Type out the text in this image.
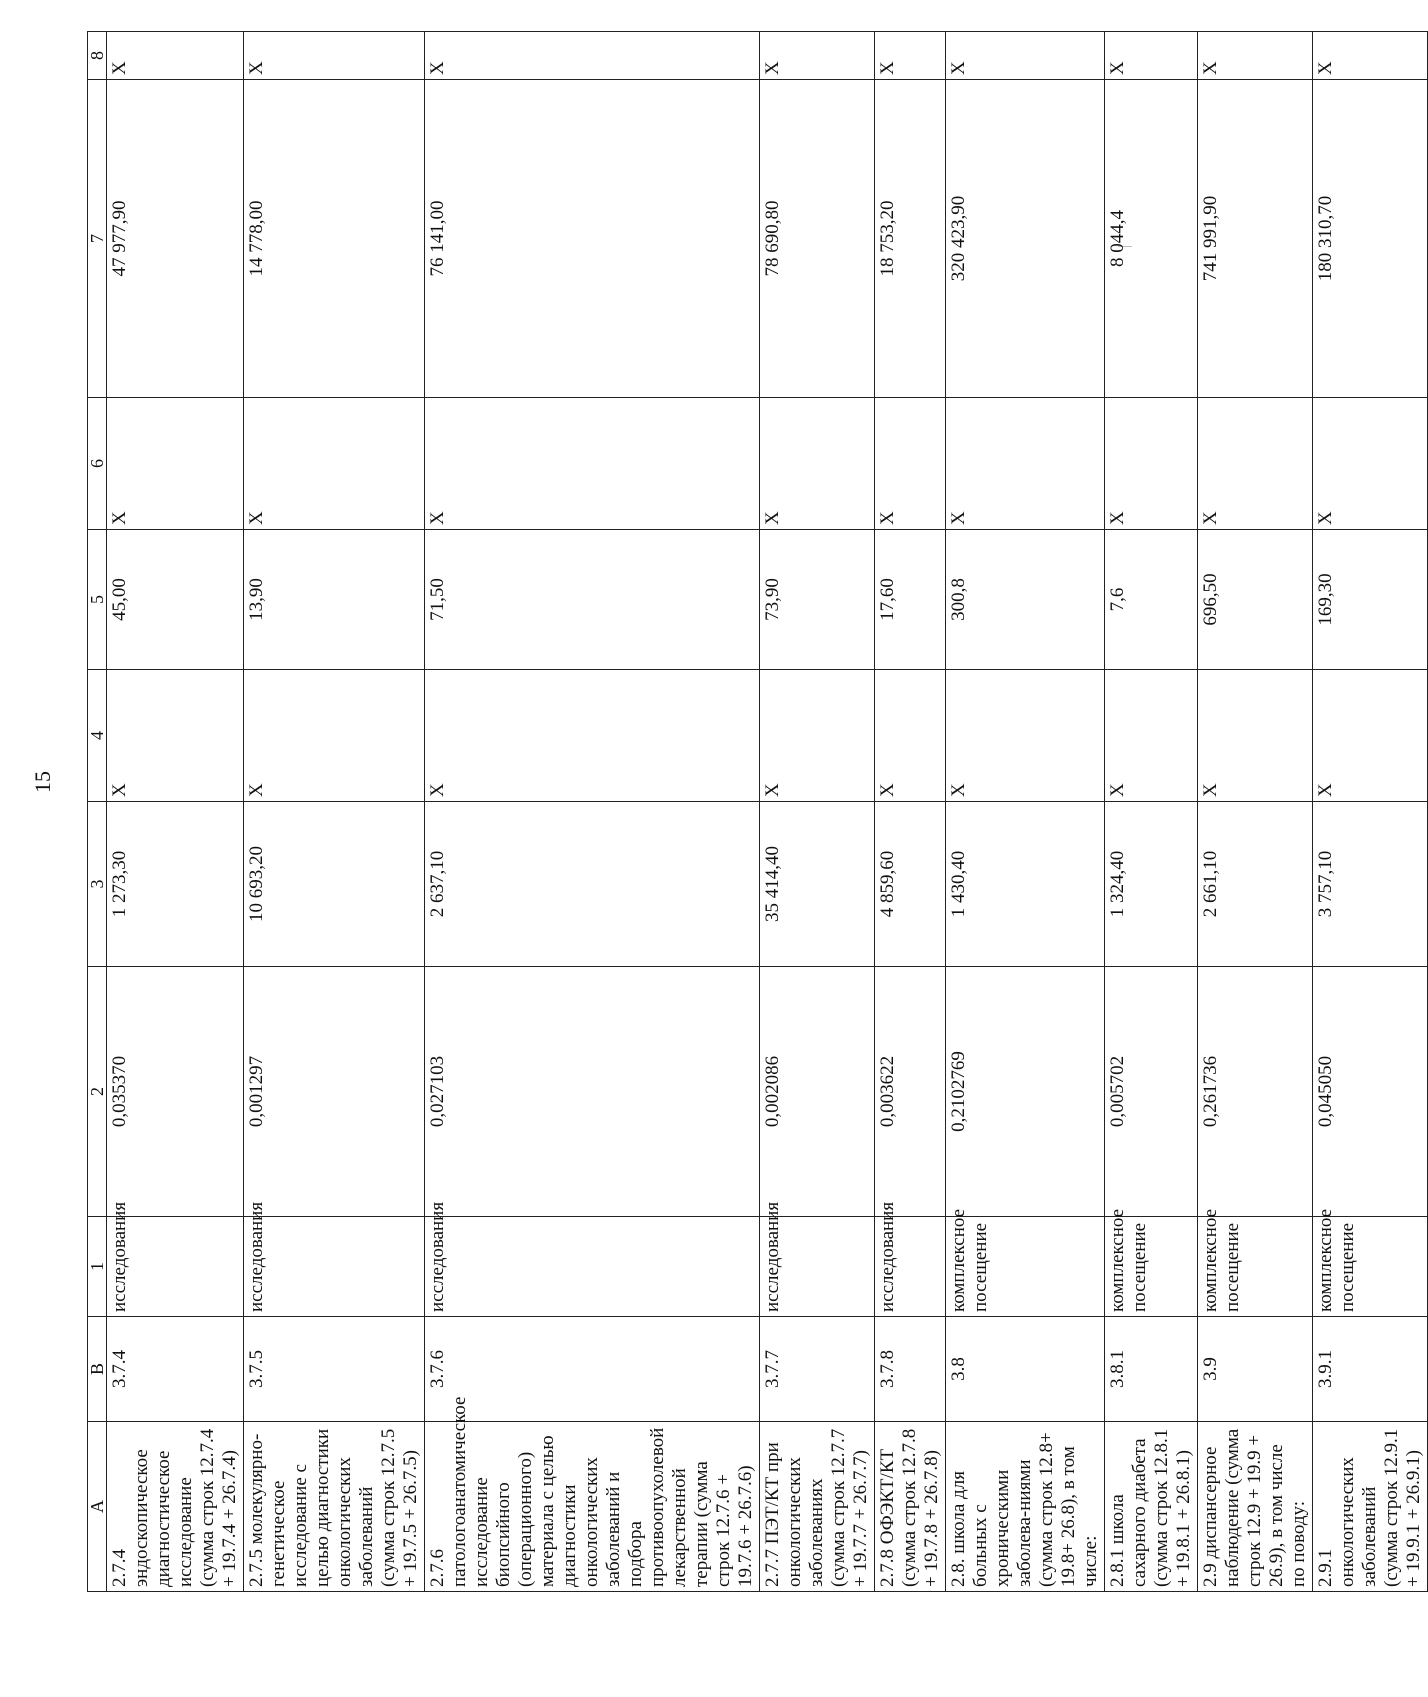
15
A	B	1	2	3	4	5	6	7	8
2.7.4 эндоскопическое диагностическое исследование (сумма строк 12.7.4 + 19.7.4 + 26.7.4)	3.7.4	исследования	0,035370	1 273,30	X	45,00	X	47 977,90	X
2.7.5 молекулярно-генетическое исследование с целью диагностики онкологических заболеваний (сумма строк 12.7.5 + 19.7.5 + 26.7.5)	3.7.5	исследования	0,001297	10 693,20	X	13,90	X	14 778,00	X
2.7.6 патологоанатомическое исследование биопсийного (операционного) материала с целью диагностики онкологических заболеваний и подбора противоопухолевой лекарственной терапии (сумма строк 12.7.6 + 19.7.6 + 26.7.6)	3.7.6	исследования	0,027103	2 637,10	X	71,50	X	76 141,00	X
2.7.7 ПЭТ/КТ при онкологических заболеваниях (сумма строк 12.7.7 + 19.7.7 + 26.7.7)	3.7.7	исследования	0,002086	35 414,40	X	73,90	X	78 690,80	X
2.7.8 ОФЭКТ/КТ (сумма строк 12.7.8 + 19.7.8 + 26.7.8)	3.7.8	исследования	0,003622	4 859,60	X	17,60	X	18 753,20	X
2.8. школа для больных с хроническими заболева-ниями (сумма строк 12.8+ 19.8+ 26.8), в том числе:	3.8	комплексное посещение	0,2102769	1 430,40	X	300,8	X	320 423,90	X
2.8.1 школа сахарного диабета (сумма строк 12.8.1 + 19.8.1 + 26.8.1)	3.8.1	комплексное посещение	0,005702	1 324,40	X	7,6	X	8 044,4	X
2.9 диспансерное наблюдение (сумма строк 12.9 + 19.9 + 26.9), в том числе по поводу:	3.9	комплексное посещение	0,261736	2 661,10	X	696,50	X	741 991,90	X
2.9.1 онкологических заболеваний (сумма строк 12.9.1 + 19.9.1 + 26.9.1)	3.9.1	комплексное посещение	0,045050	3 757,10	X	169,30	X	180 310,70	X
